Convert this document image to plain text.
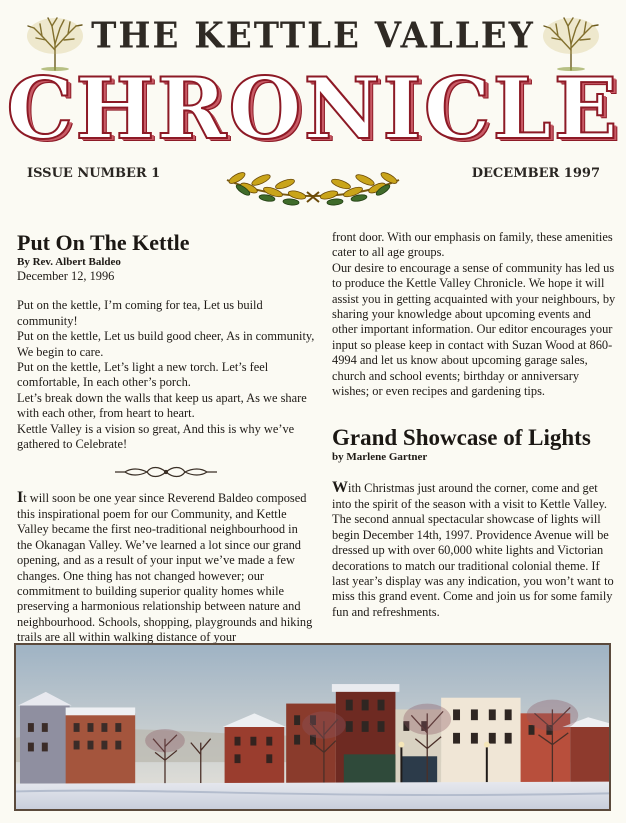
THE KETTLE VALLEY
CHRONICLE
ISSUE NUMBER 1	DECEMBER 1997
Put On The Kettle
By Rev. Albert Baldeo
December 12, 1996

Put on the kettle, I’m coming for tea, Let us build community!

Put on the kettle, Let us build good cheer, As in community, We begin to care.

Put on the kettle, Let’s light a new torch. Let’s feel comfortable, In each other’s porch.

Let’s break down the walls that keep us apart, As we share with each other, from heart to heart.

Kettle Valley is a vision so great, And this is why we’ve gathered to Celebrate!

It will soon be one year since Reverend Baldeo composed this inspirational poem for our Community, and Kettle Valley became the first neo-traditional neighbourhood in the Okanagan Valley. We’ve learned a lot since our grand opening, and as a result of your input we’ve made a few changes. One thing has not changed however; our commitment to building superior quality homes while preserving a harmonious relationship between nature and neighbourhood. Schools, shopping, playgrounds and hiking trails are all within walking distance of your

front door. With our emphasis on family, these amenities cater to all age groups.

Our desire to encourage a sense of community has led us to produce the Kettle Valley Chronicle. We hope it will assist you in getting acquainted with your neighbours, by sharing your knowledge about upcoming events and other important information. Our editor encourages your input so please keep in contact with Suzan Wood at 860-4994 and let us know about upcoming garage sales, church and school events; birthday or anniversary wishes; or even recipes and gardening tips.

Grand Showcase of Lights
by Marlene Gartner

With Christmas just around the corner, come and get into the spirit of the season with a visit to Kettle Valley. The second annual spectacular showcase of lights will begin December 14th, 1997. Providence Avenue will be dressed up with over 60,000 white lights and Victorian decorations to match our traditional colonial theme. If last year’s display was any indication, you won’t want to miss this grand event. Come and join us for some family fun and refreshments.
